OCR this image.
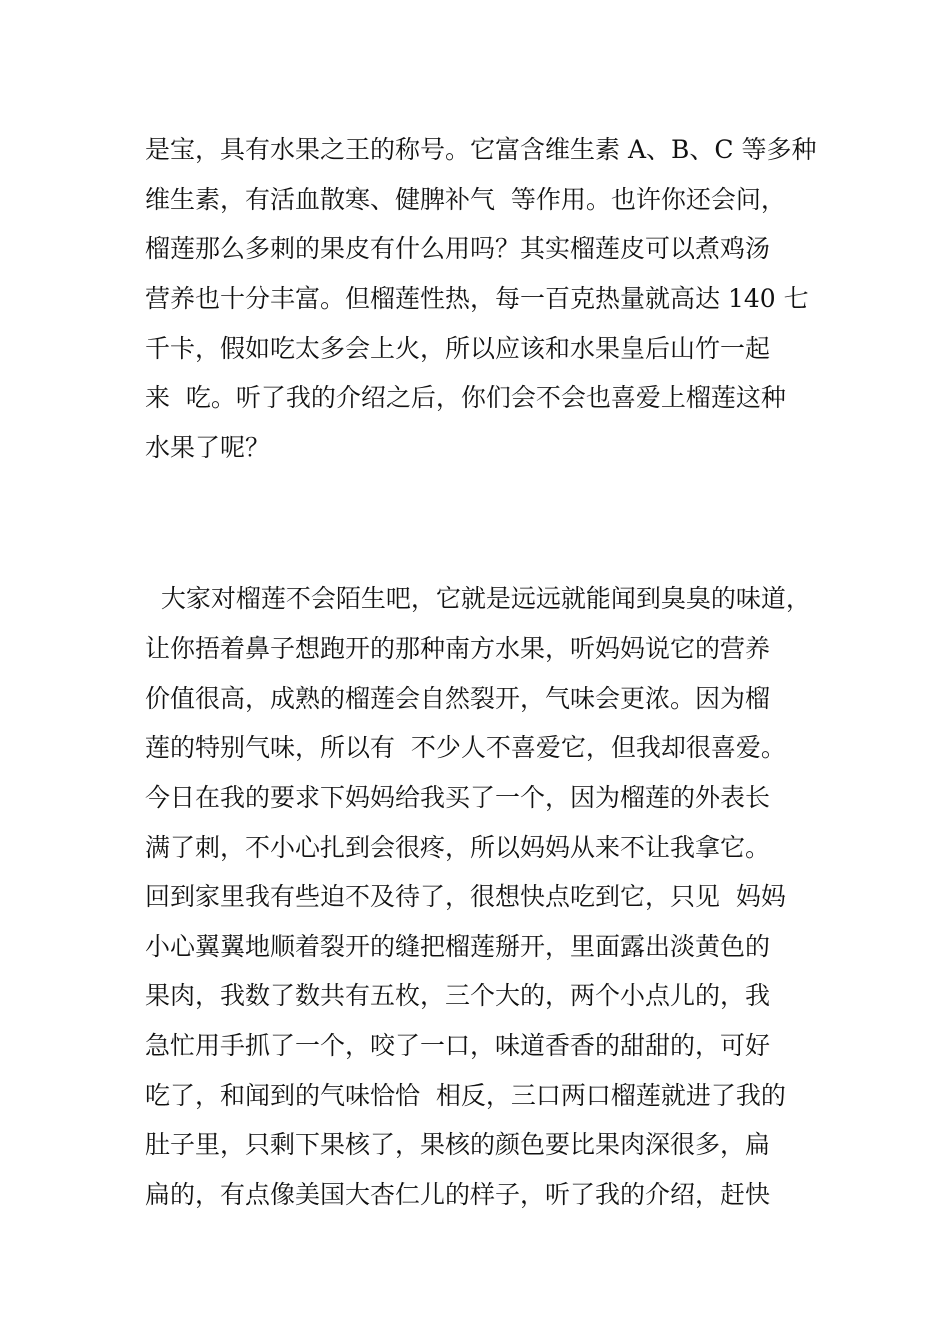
是宝，具有水果之王的称号。它富含维生素 A、B、C 等多种
维生素，有活血散寒、健脾补气  等作用。也许你还会问，
榴莲那么多刺的果皮有什么用吗？其实榴莲皮可以煮鸡汤
营养也十分丰富。但榴莲性热，每一百克热量就高达 140 七
千卡，假如吃太多会上火，所以应该和水果皇后山竹一起
来  吃。听了我的介绍之后，你们会不会也喜爱上榴莲这种
水果了呢？
大家对榴莲不会陌生吧，它就是远远就能闻到臭臭的味道，
让你捂着鼻子想跑开的那种南方水果，听妈妈说它的营养
价值很高，成熟的榴莲会自然裂开，气味会更浓。因为榴
莲的特别气味，所以有  不少人不喜爱它，但我却很喜爱。
今日在我的要求下妈妈给我买了一个，因为榴莲的外表长
满了刺，不小心扎到会很疼，所以妈妈从来不让我拿它。
回到家里我有些迫不及待了，很想快点吃到它，只见  妈妈
小心翼翼地顺着裂开的缝把榴莲掰开，里面露出淡黄色的
果肉，我数了数共有五枚，三个大的，两个小点儿的，我
急忙用手抓了一个，咬了一口，味道香香的甜甜的，可好
吃了，和闻到的气味恰恰  相反，三口两口榴莲就进了我的
肚子里，只剩下果核了，果核的颜色要比果肉深很多，扁
扁的，有点像美国大杏仁儿的样子，听了我的介绍，赶快
